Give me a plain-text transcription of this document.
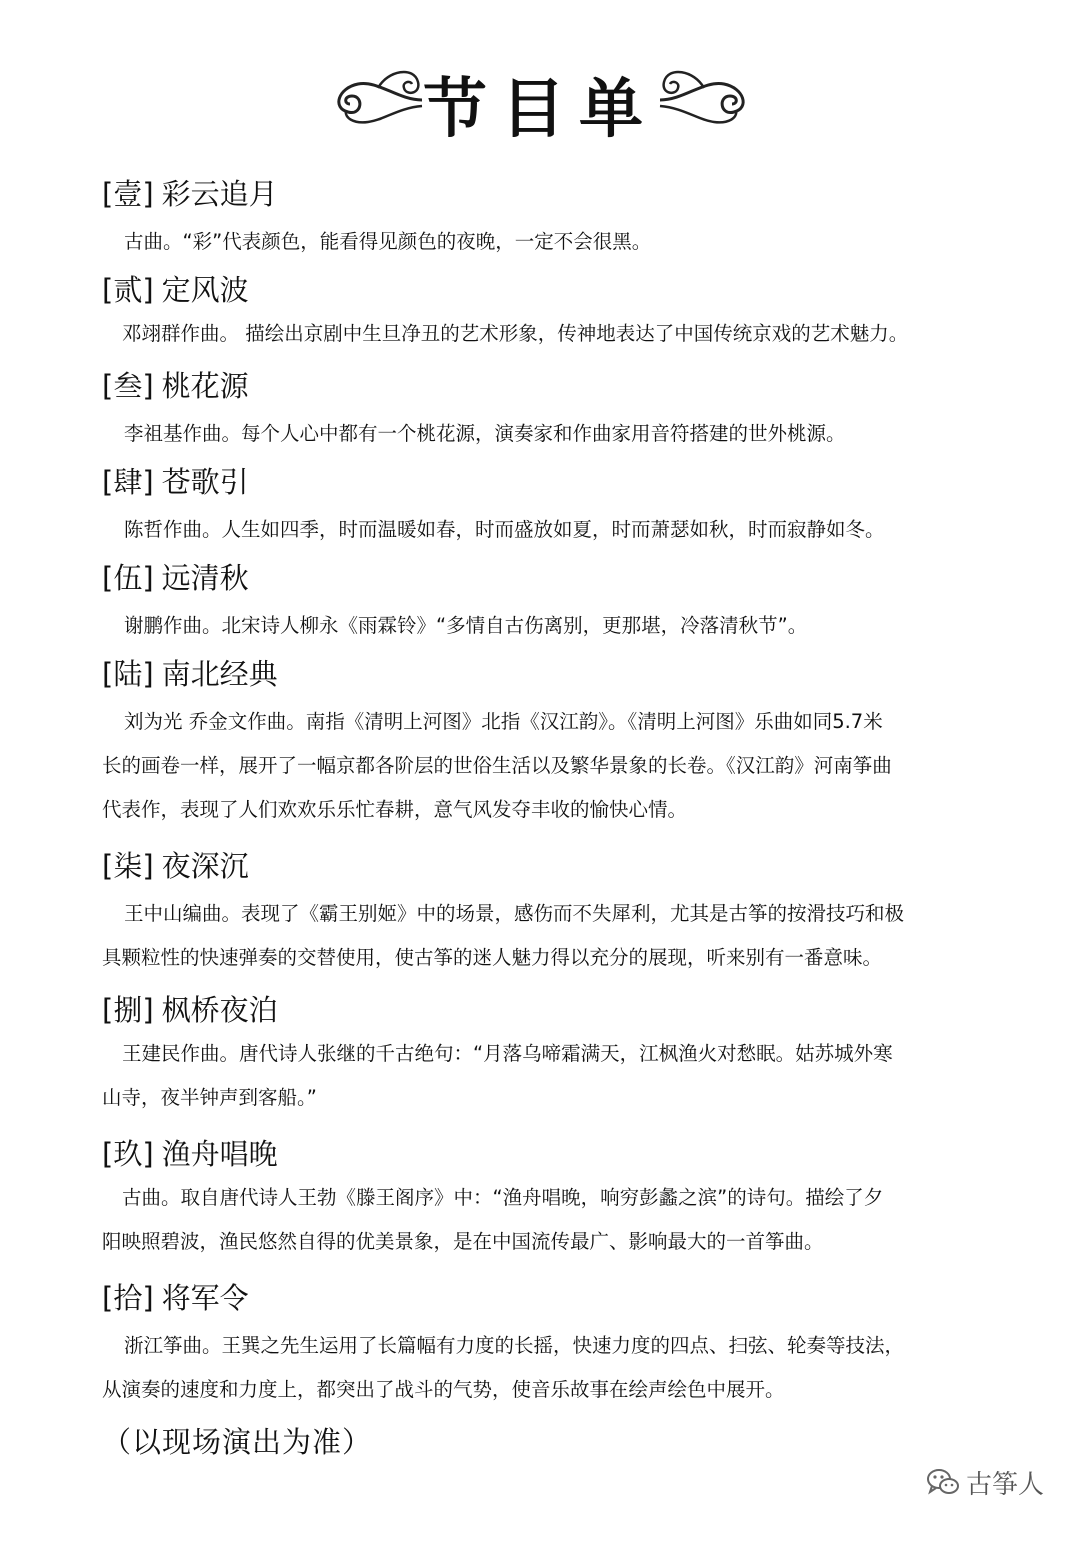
节目单
[壹] 彩云追月

古曲。“彩”代表颜色，能看得见颜色的夜晚，一定不会很黑。

[贰] 定风波

邓翊群作曲。 描绘出京剧中生旦净丑的艺术形象，传神地表达了中国传统京戏的艺术魅力。

[叁] 桃花源

李祖基作曲。每个人心中都有一个桃花源，演奏家和作曲家用音符搭建的世外桃源。

[肆] 苍歌引

陈哲作曲。人生如四季，时而温暖如春，时而盛放如夏，时而萧瑟如秋，时而寂静如冬。

[伍] 远清秋

谢鹏作曲。北宋诗人柳永《雨霖铃》“多情自古伤离别，更那堪，冷落清秋节”。

[陆] 南北经典

刘为光 乔金文作曲。南指《清明上河图》北指《汉江韵》。《清明上河图》乐曲如同5.7米

长的画卷一样，展开了一幅京都各阶层的世俗生活以及繁华景象的长卷。《汉江韵》河南筝曲

代表作，表现了人们欢欢乐乐忙春耕，意气风发夺丰收的愉快心情。

[柒] 夜深沉

王中山编曲。表现了《霸王别姬》中的场景，感伤而不失犀利，尤其是古筝的按滑技巧和极

具颗粒性的快速弹奏的交替使用，使古筝的迷人魅力得以充分的展现，听来别有一番意味。

[捌] 枫桥夜泊

王建民作曲。唐代诗人张继的千古绝句：“月落乌啼霜满天，江枫渔火对愁眠。姑苏城外寒

山寺，夜半钟声到客船。”

[玖] 渔舟唱晚

古曲。取自唐代诗人王勃《滕王阁序》中：“渔舟唱晚，响穷彭蠡之滨”的诗句。描绘了夕

阳映照碧波，渔民悠然自得的优美景象，是在中国流传最广、影响最大的一首筝曲。

[拾] 将军令

浙江筝曲。王巽之先生运用了长篇幅有力度的长摇，快速力度的四点、扫弦、轮奏等技法，

从演奏的速度和力度上，都突出了战斗的气势，使音乐故事在绘声绘色中展开。

（以现场演出为准）
古筝人
